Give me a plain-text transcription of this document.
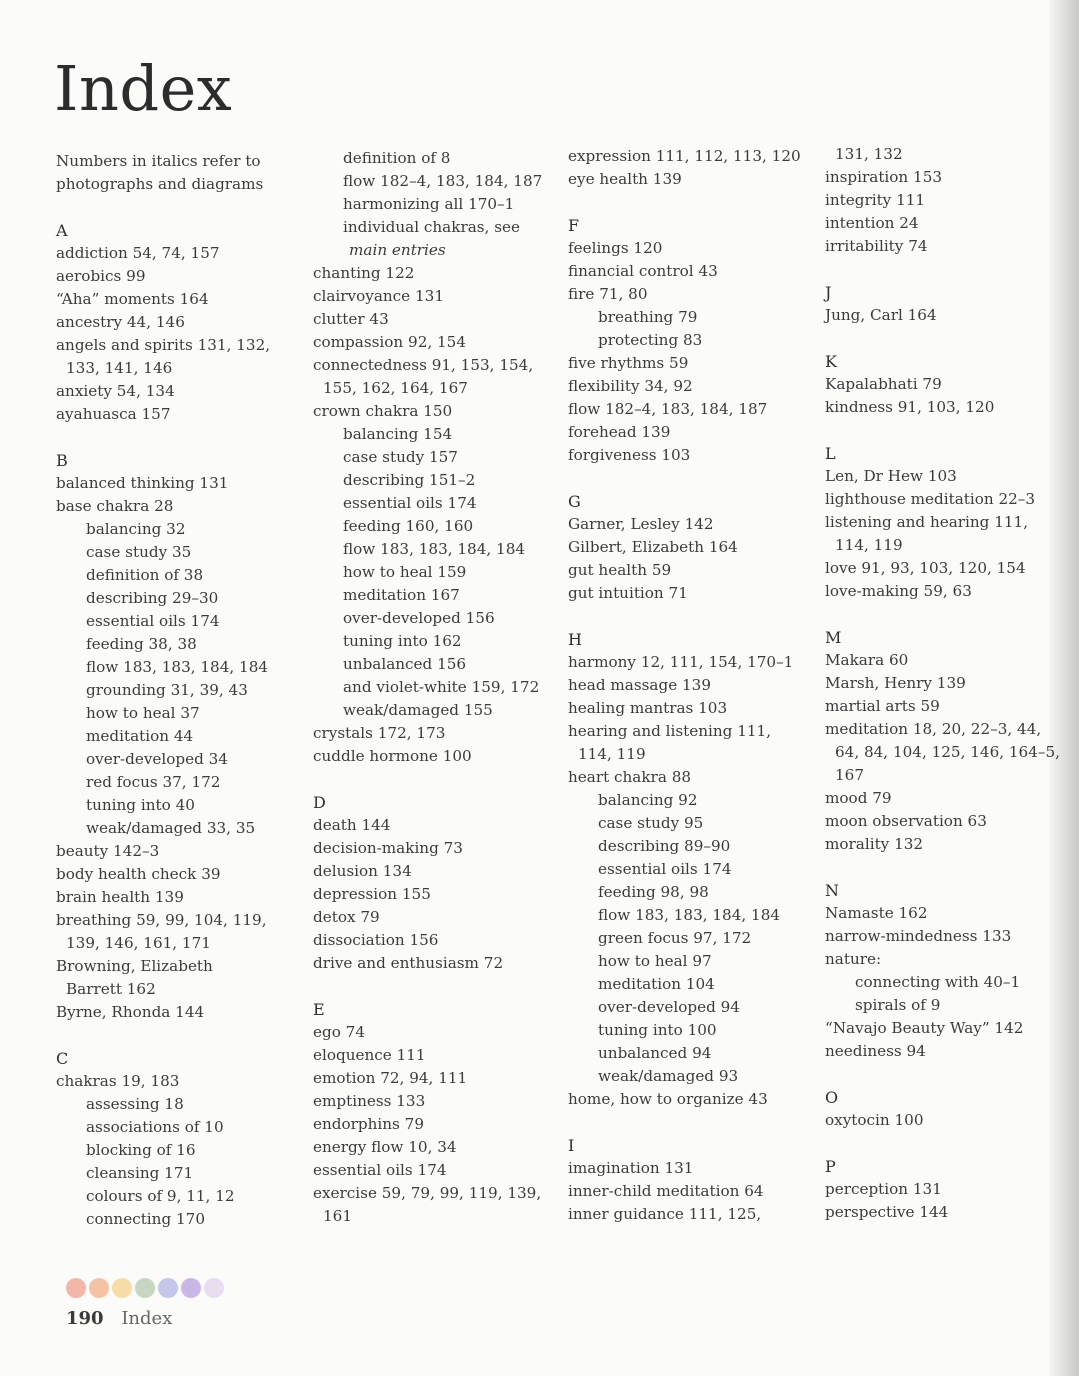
Index
Numbers in italics refer to
photographs and diagrams
A
addiction 54, 74, 157
aerobics 99
“Aha” moments 164
ancestry 44, 146
angels and spirits 131, 132,
133, 141, 146
anxiety 54, 134
ayahuasca 157
B
balanced thinking 131
base chakra 28
balancing 32
case study 35
definition of 38
describing 29–30
essential oils 174
feeding 38, 38
flow 183, 183, 184, 184
grounding 31, 39, 43
how to heal 37
meditation 44
over-developed 34
red focus 37, 172
tuning into 40
weak/damaged 33, 35
beauty 142–3
body health check 39
brain health 139
breathing 59, 99, 104, 119,
139, 146, 161, 171
Browning, Elizabeth
Barrett 162
Byrne, Rhonda 144
C
chakras 19, 183
assessing 18
associations of 10
blocking of 16
cleansing 171
colours of 9, 11, 12
connecting 170
definition of 8
flow 182–4, 183, 184, 187
harmonizing all 170–1
individual chakras, see
main entries
chanting 122
clairvoyance 131
clutter 43
compassion 92, 154
connectedness 91, 153, 154,
155, 162, 164, 167
crown chakra 150
balancing 154
case study 157
describing 151–2
essential oils 174
feeding 160, 160
flow 183, 183, 184, 184
how to heal 159
meditation 167
over-developed 156
tuning into 162
unbalanced 156
and violet-white 159, 172
weak/damaged 155
crystals 172, 173
cuddle hormone 100
D
death 144
decision-making 73
delusion 134
depression 155
detox 79
dissociation 156
drive and enthusiasm 72
E
ego 74
eloquence 111
emotion 72, 94, 111
emptiness 133
endorphins 79
energy flow 10, 34
essential oils 174
exercise 59, 79, 99, 119, 139,
161
expression 111, 112, 113, 120
eye health 139
F
feelings 120
financial control 43
fire 71, 80
breathing 79
protecting 83
five rhythms 59
flexibility 34, 92
flow 182–4, 183, 184, 187
forehead 139
forgiveness 103
G
Garner, Lesley 142
Gilbert, Elizabeth 164
gut health 59
gut intuition 71
H
harmony 12, 111, 154, 170–1
head massage 139
healing mantras 103
hearing and listening 111,
114, 119
heart chakra 88
balancing 92
case study 95
describing 89–90
essential oils 174
feeding 98, 98
flow 183, 183, 184, 184
green focus 97, 172
how to heal 97
meditation 104
over-developed 94
tuning into 100
unbalanced 94
weak/damaged 93
home, how to organize 43
I
imagination 131
inner-child meditation 64
inner guidance 111, 125,
131, 132
inspiration 153
integrity 111
intention 24
irritability 74
J
Jung, Carl 164
K
Kapalabhati 79
kindness 91, 103, 120
L
Len, Dr Hew 103
lighthouse meditation 22–3
listening and hearing 111,
114, 119
love 91, 93, 103, 120, 154
love-making 59, 63
M
Makara 60
Marsh, Henry 139
martial arts 59
meditation 18, 20, 22–3, 44,
64, 84, 104, 125, 146, 164–5,
167
mood 79
moon observation 63
morality 132
N
Namaste 162
narrow-mindedness 133
nature:
connecting with 40–1
spirals of 9
“Navajo Beauty Way” 142
neediness 94
O
oxytocin 100
P
perception 131
perspective 144
190 Index
